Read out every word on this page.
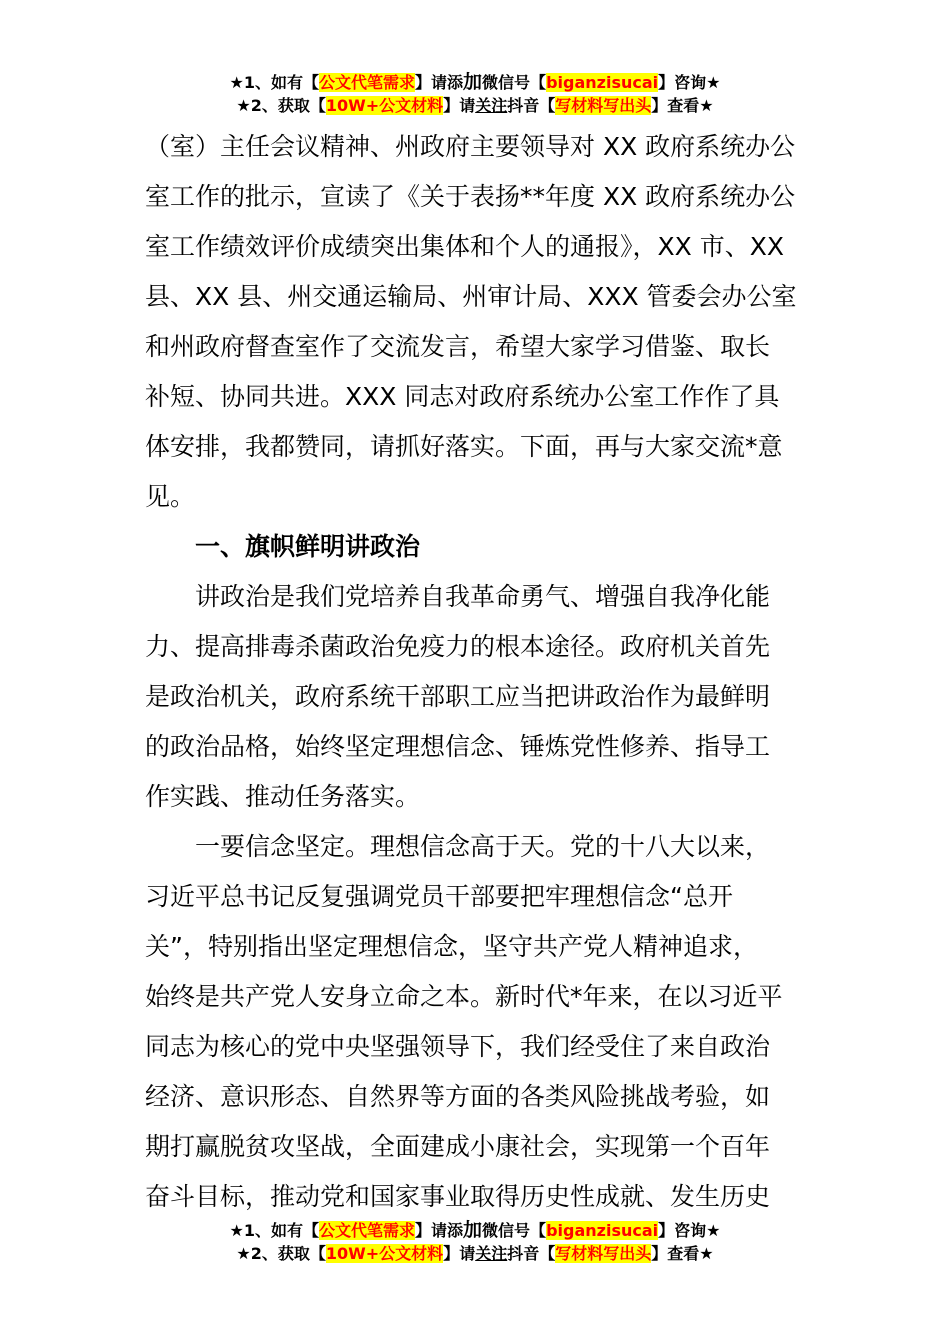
★1、如有【公文代笔需求】请添加微信号【biganzisucai】咨询★
★2、获取【10W+公文材料】请关注抖音【写材料写出头】查看★
（室）主任会议精神、州政府主要领导对 XX 政府系统办公
室工作的批示，宣读了《关于表扬**年度 XX 政府系统办公
室工作绩效评价成绩突出集体和个人的通报》，XX 市、XX
县、XX 县、州交通运输局、州审计局、XXX 管委会办公室
和州政府督查室作了交流发言，希望大家学习借鉴、取长
补短、协同共进。XXX 同志对政府系统办公室工作作了具
体安排，我都赞同，请抓好落实。下面，再与大家交流*意
见。
　　一、旗帜鲜明讲政治
　　讲政治是我们党培养自我革命勇气、增强自我净化能
力、提高排毒杀菌政治免疫力的根本途径。政府机关首先
是政治机关，政府系统干部职工应当把讲政治作为最鲜明
的政治品格，始终坚定理想信念、锤炼党性修养、指导工
作实践、推动任务落实。
　　一要信念坚定。理想信念高于天。党的十八大以来，
习近平总书记反复强调党员干部要把牢理想信念“总开
关”，特别指出坚定理想信念，坚守共产党人精神追求，
始终是共产党人安身立命之本。新时代*年来，在以习近平
同志为核心的党中央坚强领导下，我们经受住了来自政治
经济、意识形态、自然界等方面的各类风险挑战考验，如
期打赢脱贫攻坚战，全面建成小康社会，实现第一个百年
奋斗目标，推动党和国家事业取得历史性成就、发生历史
★1、如有【公文代笔需求】请添加微信号【biganzisucai】咨询★
★2、获取【10W+公文材料】请关注抖音【写材料写出头】查看★
